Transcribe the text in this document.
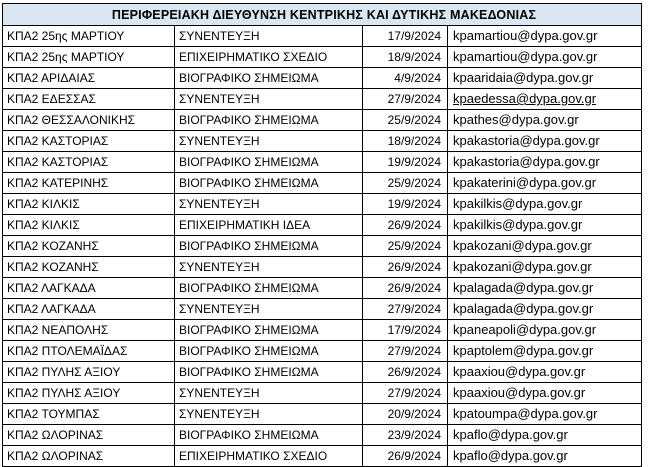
ΠΕΡΙΦΕΡΕΙΑΚΗ ΔΙΕΥΘΥΝΣΗ ΚΕΝΤΡΙΚΗΣ ΚΑΙ ΔΥΤΙΚΗΣ ΜΑΚΕΔΟΝΙΑΣ			
ΚΠΑ2 25ης ΜΑΡΤΙΟΥ	ΣΥΝΕΝΤΕΥΞΗ	17/9/2024	kpamartiou@dypa.gov.gr
ΚΠΑ2 25ης ΜΑΡΤΙΟΥ	ΕΠΙΧΕΙΡΗΜΑΤΙΚΟ ΣΧΕΔΙΟ	18/9/2024	kpamartiou@dypa.gov.gr
ΚΠΑ2 ΑΡΙΔΑΙΑΣ	ΒΙΟΓΡΑΦΙΚΟ ΣΗΜΕΙΩΜΑ	4/9/2024	kpaaridaia@dypa.gov.gr
ΚΠΑ2 ΕΔΕΣΣΑΣ	ΣΥΝΕΝΤΕΥΞΗ	27/9/2024	kpaedessa@dypa.gov.gr
ΚΠΑ2 ΘΕΣΣΑΛΟΝΙΚΗΣ	ΒΙΟΓΡΑΦΙΚΟ ΣΗΜΕΙΩΜΑ	25/9/2024	kpathes@dypa.gov.gr
ΚΠΑ2 ΚΑΣΤΟΡΙΑΣ	ΣΥΝΕΝΤΕΥΞΗ	18/9/2024	kpakastoria@dypa.gov.gr
ΚΠΑ2 ΚΑΣΤΟΡΙΑΣ	ΒΙΟΓΡΑΦΙΚΟ ΣΗΜΕΙΩΜΑ	19/9/2024	kpakastoria@dypa.gov.gr
ΚΠΑ2 ΚΑΤΕΡΙΝΗΣ	ΒΙΟΓΡΑΦΙΚΟ ΣΗΜΕΙΩΜΑ	25/9/2024	kpakaterini@dypa.gov.gr
ΚΠΑ2 ΚΙΛΚΙΣ	ΣΥΝΕΝΤΕΥΞΗ	19/9/2024	kpakilkis@dypa.gov.gr
ΚΠΑ2 ΚΙΛΚΙΣ	ΕΠΙΧΕΙΡΗΜΑΤΙΚΗ ΙΔΕΑ	26/9/2024	kpakilkis@dypa.gov.gr
ΚΠΑ2 ΚΟΖΑΝΗΣ	ΒΙΟΓΡΑΦΙΚΟ ΣΗΜΕΙΩΜΑ	25/9/2024	kpakozani@dypa.gov.gr
ΚΠΑ2 ΚΟΖΑΝΗΣ	ΣΥΝΕΝΤΕΥΞΗ	26/9/2024	kpakozani@dypa.gov.gr
ΚΠΑ2 ΛΑΓΚΑΔΑ	ΒΙΟΓΡΑΦΙΚΟ ΣΗΜΕΙΩΜΑ	26/9/2024	kpalagada@dypa.gov.gr
ΚΠΑ2 ΛΑΓΚΑΔΑ	ΣΥΝΕΝΤΕΥΞΗ	27/9/2024	kpalagada@dypa.gov.gr
ΚΠΑ2 ΝΕΑΠΟΛΗΣ	ΒΙΟΓΡΑΦΙΚΟ ΣΗΜΕΙΩΜΑ	17/9/2024	kpaneapoli@dypa.gov.gr
ΚΠΑ2 ΠΤΟΛΕΜΑΪΔΑΣ	ΒΙΟΓΡΑΦΙΚΟ ΣΗΜΕΙΩΜΑ	27/9/2024	kpaptolem@dypa.gov.gr
ΚΠΑ2 ΠΥΛΗΣ ΑΞΙΟΥ	ΒΙΟΓΡΑΦΙΚΟ ΣΗΜΕΙΩΜΑ	26/9/2024	kpaaxiou@dypa.gov.gr
ΚΠΑ2 ΠΥΛΗΣ ΑΞΙΟΥ	ΣΥΝΕΝΤΕΥΞΗ	27/9/2024	kpaaxiou@dypa.gov.gr
ΚΠΑ2 ΤΟΥΜΠΑΣ	ΣΥΝΕΝΤΕΥΞΗ	20/9/2024	kpatoumpa@dypa.gov.gr
ΚΠΑ2 ΩΛΟΡΙΝΑΣ	ΒΙΟΓΡΑΦΙΚΟ ΣΗΜΕΙΩΜΑ	23/9/2024	kpaflo@dypa.gov.gr
ΚΠΑ2 ΩΛΟΡΙΝΑΣ	ΕΠΙΧΕΙΡΗΜΑΤΙΚΟ ΣΧΕΔΙΟ	26/9/2024	kpaflo@dypa.gov.gr
